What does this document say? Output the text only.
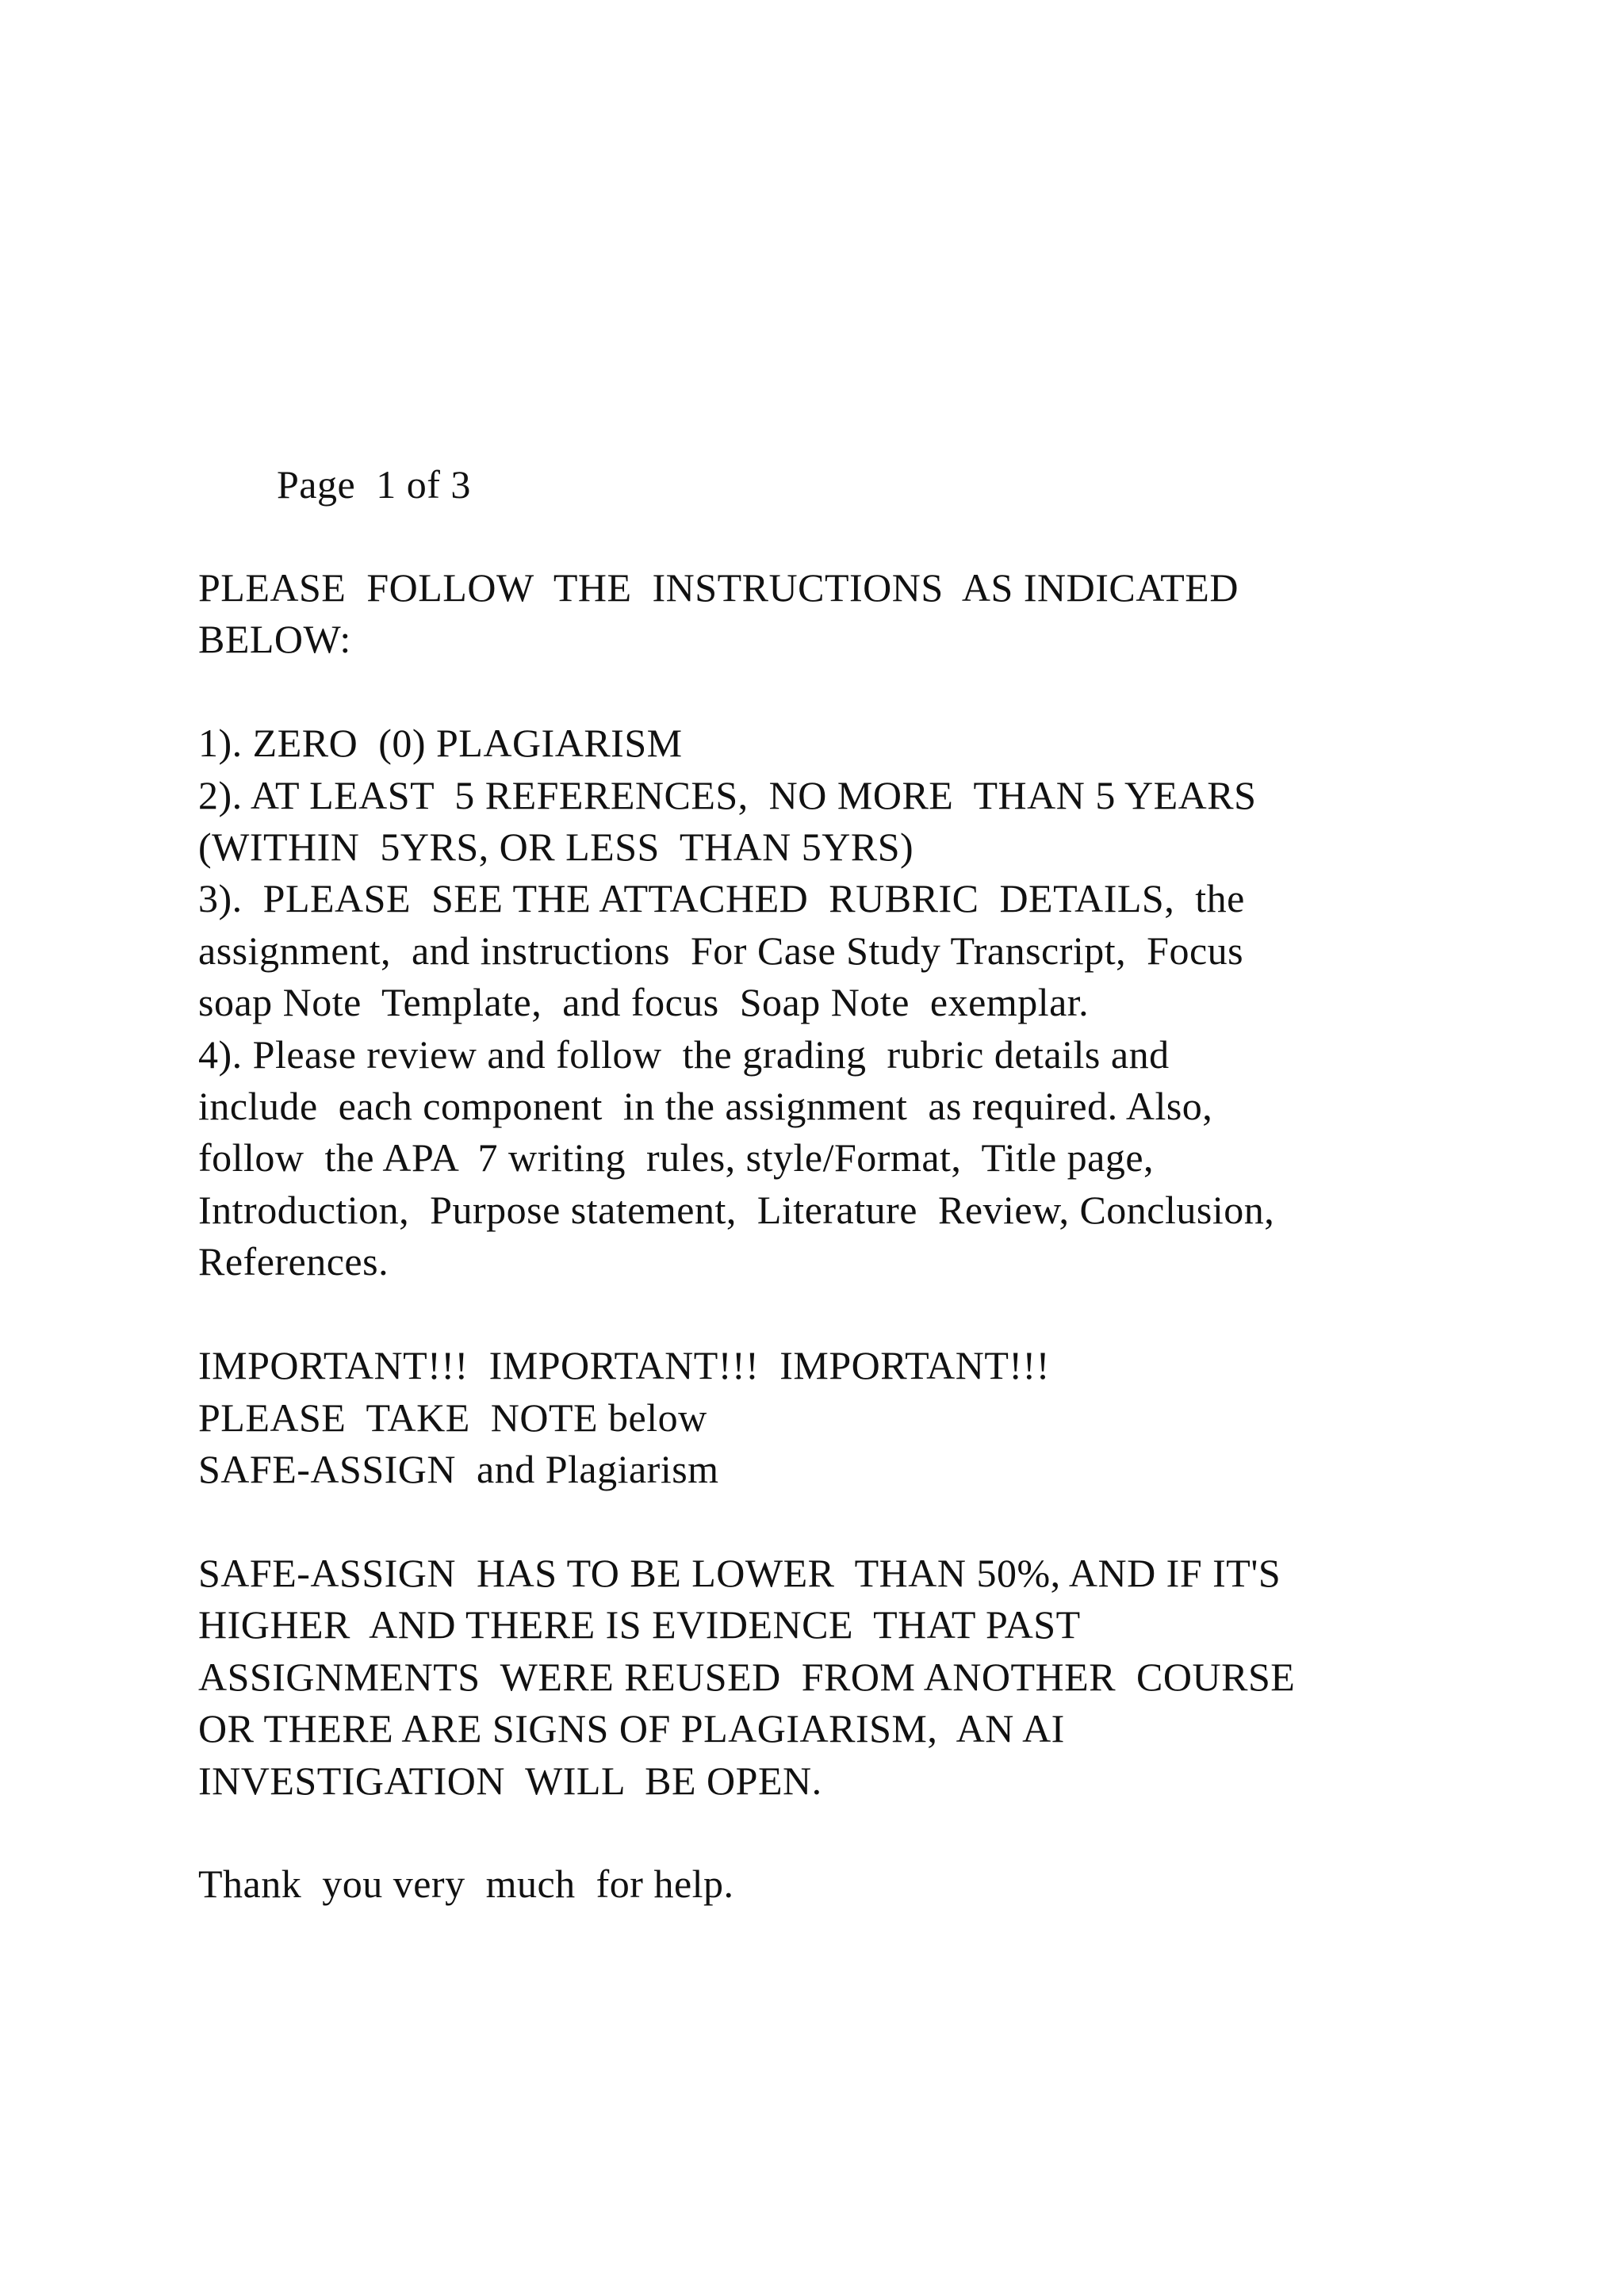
Page  1 of 3
PLEASE  FOLLOW  THE  INSTRUCTIONS  AS INDICATED
BELOW:
1). ZERO  (0) PLAGIARISM
2). AT LEAST  5 REFERENCES,  NO MORE  THAN 5 YEARS
(WITHIN  5YRS, OR LESS  THAN 5YRS)
3).  PLEASE  SEE THE ATTACHED  RUBRIC  DETAILS,  the
assignment,  and instructions  For Case Study Transcript,  Focus
soap Note  Template,  and focus  Soap Note  exemplar.
4). Please review and follow  the grading  rubric details and
include  each component  in the assignment  as required. Also,
follow  the APA  7 writing  rules, style/Format,  Title page,
Introduction,  Purpose statement,  Literature  Review, Conclusion,
References.
IMPORTANT!!!  IMPORTANT!!!  IMPORTANT!!!
PLEASE  TAKE  NOTE below
SAFE-ASSIGN  and Plagiarism
SAFE-ASSIGN  HAS TO BE LOWER  THAN 50%, AND IF IT'S
HIGHER  AND THERE IS EVIDENCE  THAT PAST
ASSIGNMENTS  WERE REUSED  FROM ANOTHER  COURSE
OR THERE ARE SIGNS OF PLAGIARISM,  AN AI
INVESTIGATION  WILL  BE OPEN.
Thank  you very  much  for help.
